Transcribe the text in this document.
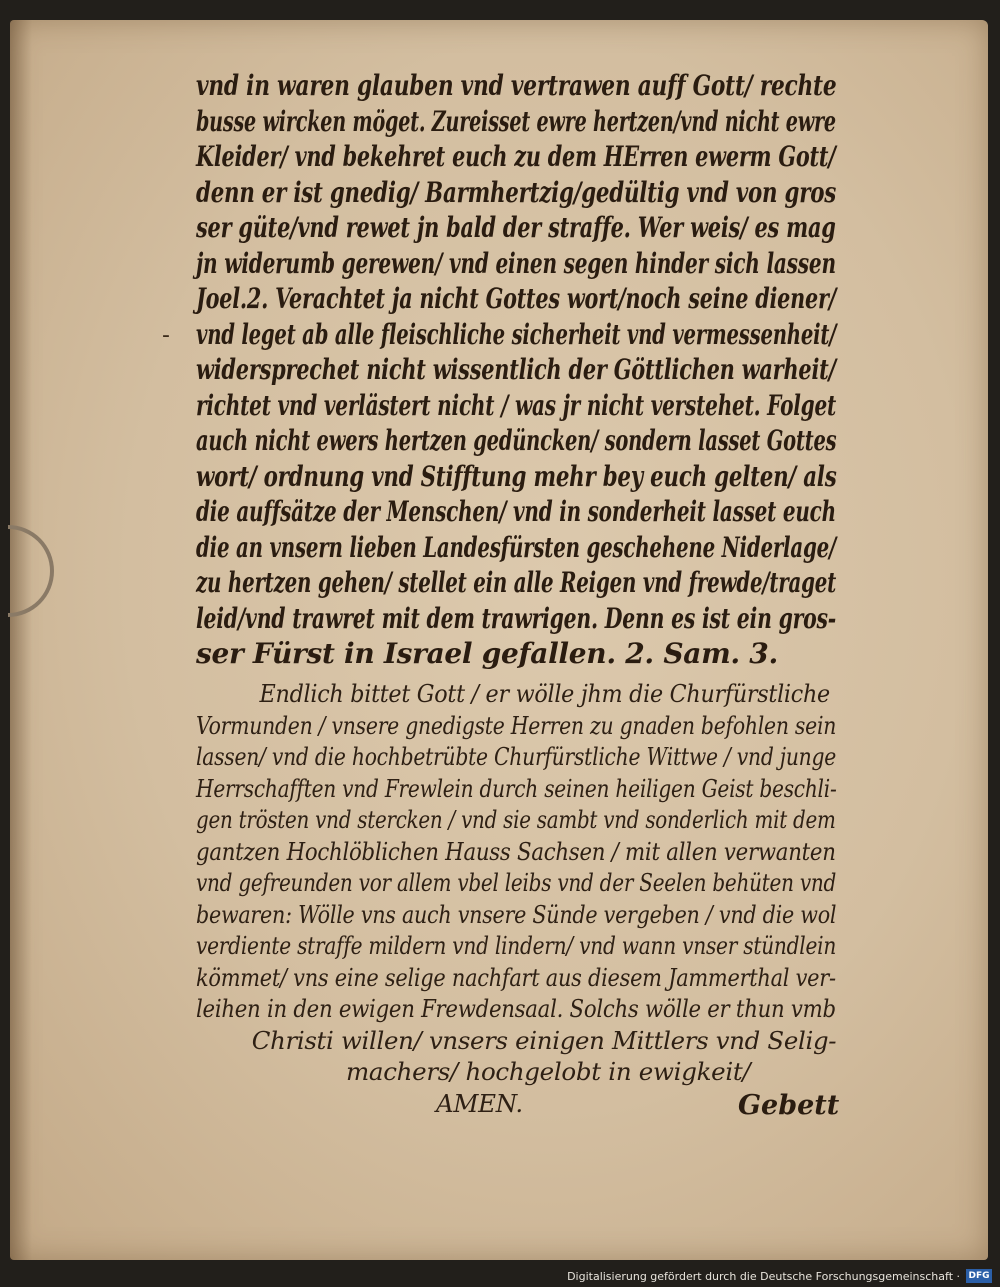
-
vnd in waren glauben vnd vertrawen auff Gott/ rechte
busse wircken möget. Zureisset ewre hertzen/vnd nicht ewre
Kleider/ vnd bekehret euch zu dem HErren ewerm Gott/
denn er ist gnedig/ Barmhertzig/gedültig vnd von gros
ser güte/vnd rewet jn bald der straffe. Wer weis/ es mag
jn widerumb gerewen/ vnd einen segen hinder sich lassen
Joel.2. Verachtet ja nicht Gottes wort/noch seine diener/
vnd leget ab alle fleischliche sicherheit vnd vermessenheit/
widersprechet nicht wissentlich der Göttlichen warheit/
richtet vnd verlästert nicht / was jr nicht verstehet. Folget
auch nicht ewers hertzen gedüncken/ sondern lasset Gottes
wort/ ordnung vnd Stifftung mehr bey euch gelten/ als
die auffsätze der Menschen/ vnd in sonderheit lasset euch
die an vnsern lieben Landesfürsten geschehene Niderlage/
zu hertzen gehen/ stellet ein alle Reigen vnd frewde/traget
leid/vnd trawret mit dem trawrigen. Denn es ist ein gros-
ser Fürst in Israel gefallen. 2. Sam. 3.
Endlich bittet Gott / er wölle jhm die Churfürstliche
Vormunden / vnsere gnedigste Herren zu gnaden befohlen sein
lassen/ vnd die hochbetrübte Churfürstliche Wittwe / vnd junge
Herrschafften vnd Frewlein durch seinen heiligen Geist beschli-
gen trösten vnd stercken / vnd sie sambt vnd sonderlich mit dem
gantzen Hochlöblichen Hauss Sachsen / mit allen verwanten
vnd gefreunden vor allem vbel leibs vnd der Seelen behüten vnd
bewaren: Wölle vns auch vnsere Sünde vergeben / vnd die wol
verdiente straffe mildern vnd lindern/ vnd wann vnser stündlein
kömmet/ vns eine selige nachfart aus diesem Jammerthal ver-
leihen in den ewigen Frewdensaal. Solchs wölle er thun vmb
Christi willen/ vnsers einigen Mittlers vnd Selig-
machers/ hochgelobt in ewigkeit/
AMEN.	Gebett
Digitalisierung gefördert durch die Deutsche Forschungsgemeinschaft · DFG
